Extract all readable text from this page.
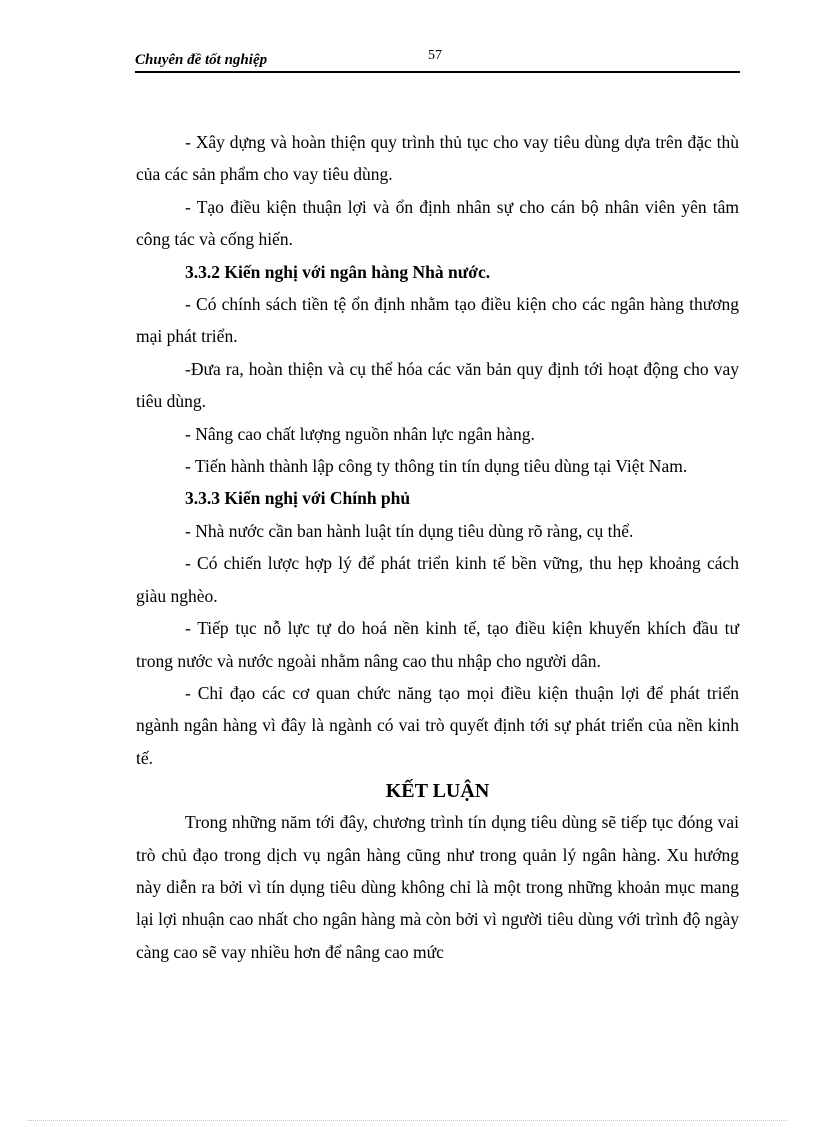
Chuyên đề tốt nghiệp	57

- Xây dựng và hoàn thiện quy trình thủ tục cho vay tiêu dùng dựa trên đặc thù của các sản phẩm cho vay tiêu dùng.

- Tạo điều kiện thuận lợi và ổn định nhân sự cho cán bộ nhân viên yên tâm công tác và cống hiến.

3.3.2 Kiến nghị với ngân hàng Nhà nước.

- Có chính sách tiền tệ ổn định nhằm tạo điều kiện cho các ngân hàng thương mại phát triển.

-Đưa ra, hoàn thiện và cụ thể hóa các văn bản quy định tới hoạt động cho vay tiêu dùng.

- Nâng cao chất lượng nguồn nhân lực ngân hàng.

- Tiến hành thành lập công ty thông tin tín dụng tiêu dùng tại Việt Nam.

3.3.3 Kiến nghị với Chính phủ

- Nhà nước cần ban hành luật tín dụng tiêu dùng rõ ràng, cụ thể.

- Có chiến lược hợp lý để phát triển kinh tế bền vững, thu hẹp khoảng cách giàu nghèo.

- Tiếp tục nỗ lực tự do hoá nền kinh tế, tạo điều kiện khuyến khích đầu tư trong nước và nước ngoài nhằm nâng cao thu nhập cho người dân.

- Chỉ đạo các cơ quan chức năng tạo mọi điều kiện thuận lợi để phát triển ngành ngân hàng vì đây là ngành có vai trò quyết định tới sự phát triển của nền kinh tế.

KẾT LUẬN

Trong những năm tới đây, chương trình tín dụng tiêu dùng sẽ tiếp tục đóng vai trò chủ đạo trong dịch vụ ngân hàng cũng như trong quản lý ngân hàng. Xu hướng này diễn ra bởi vì tín dụng tiêu dùng không chỉ là một trong những khoản mục mang lại lợi nhuận cao nhất cho ngân hàng mà còn bởi vì người tiêu dùng với trình độ ngày càng cao sẽ vay nhiều hơn để nâng cao mức
